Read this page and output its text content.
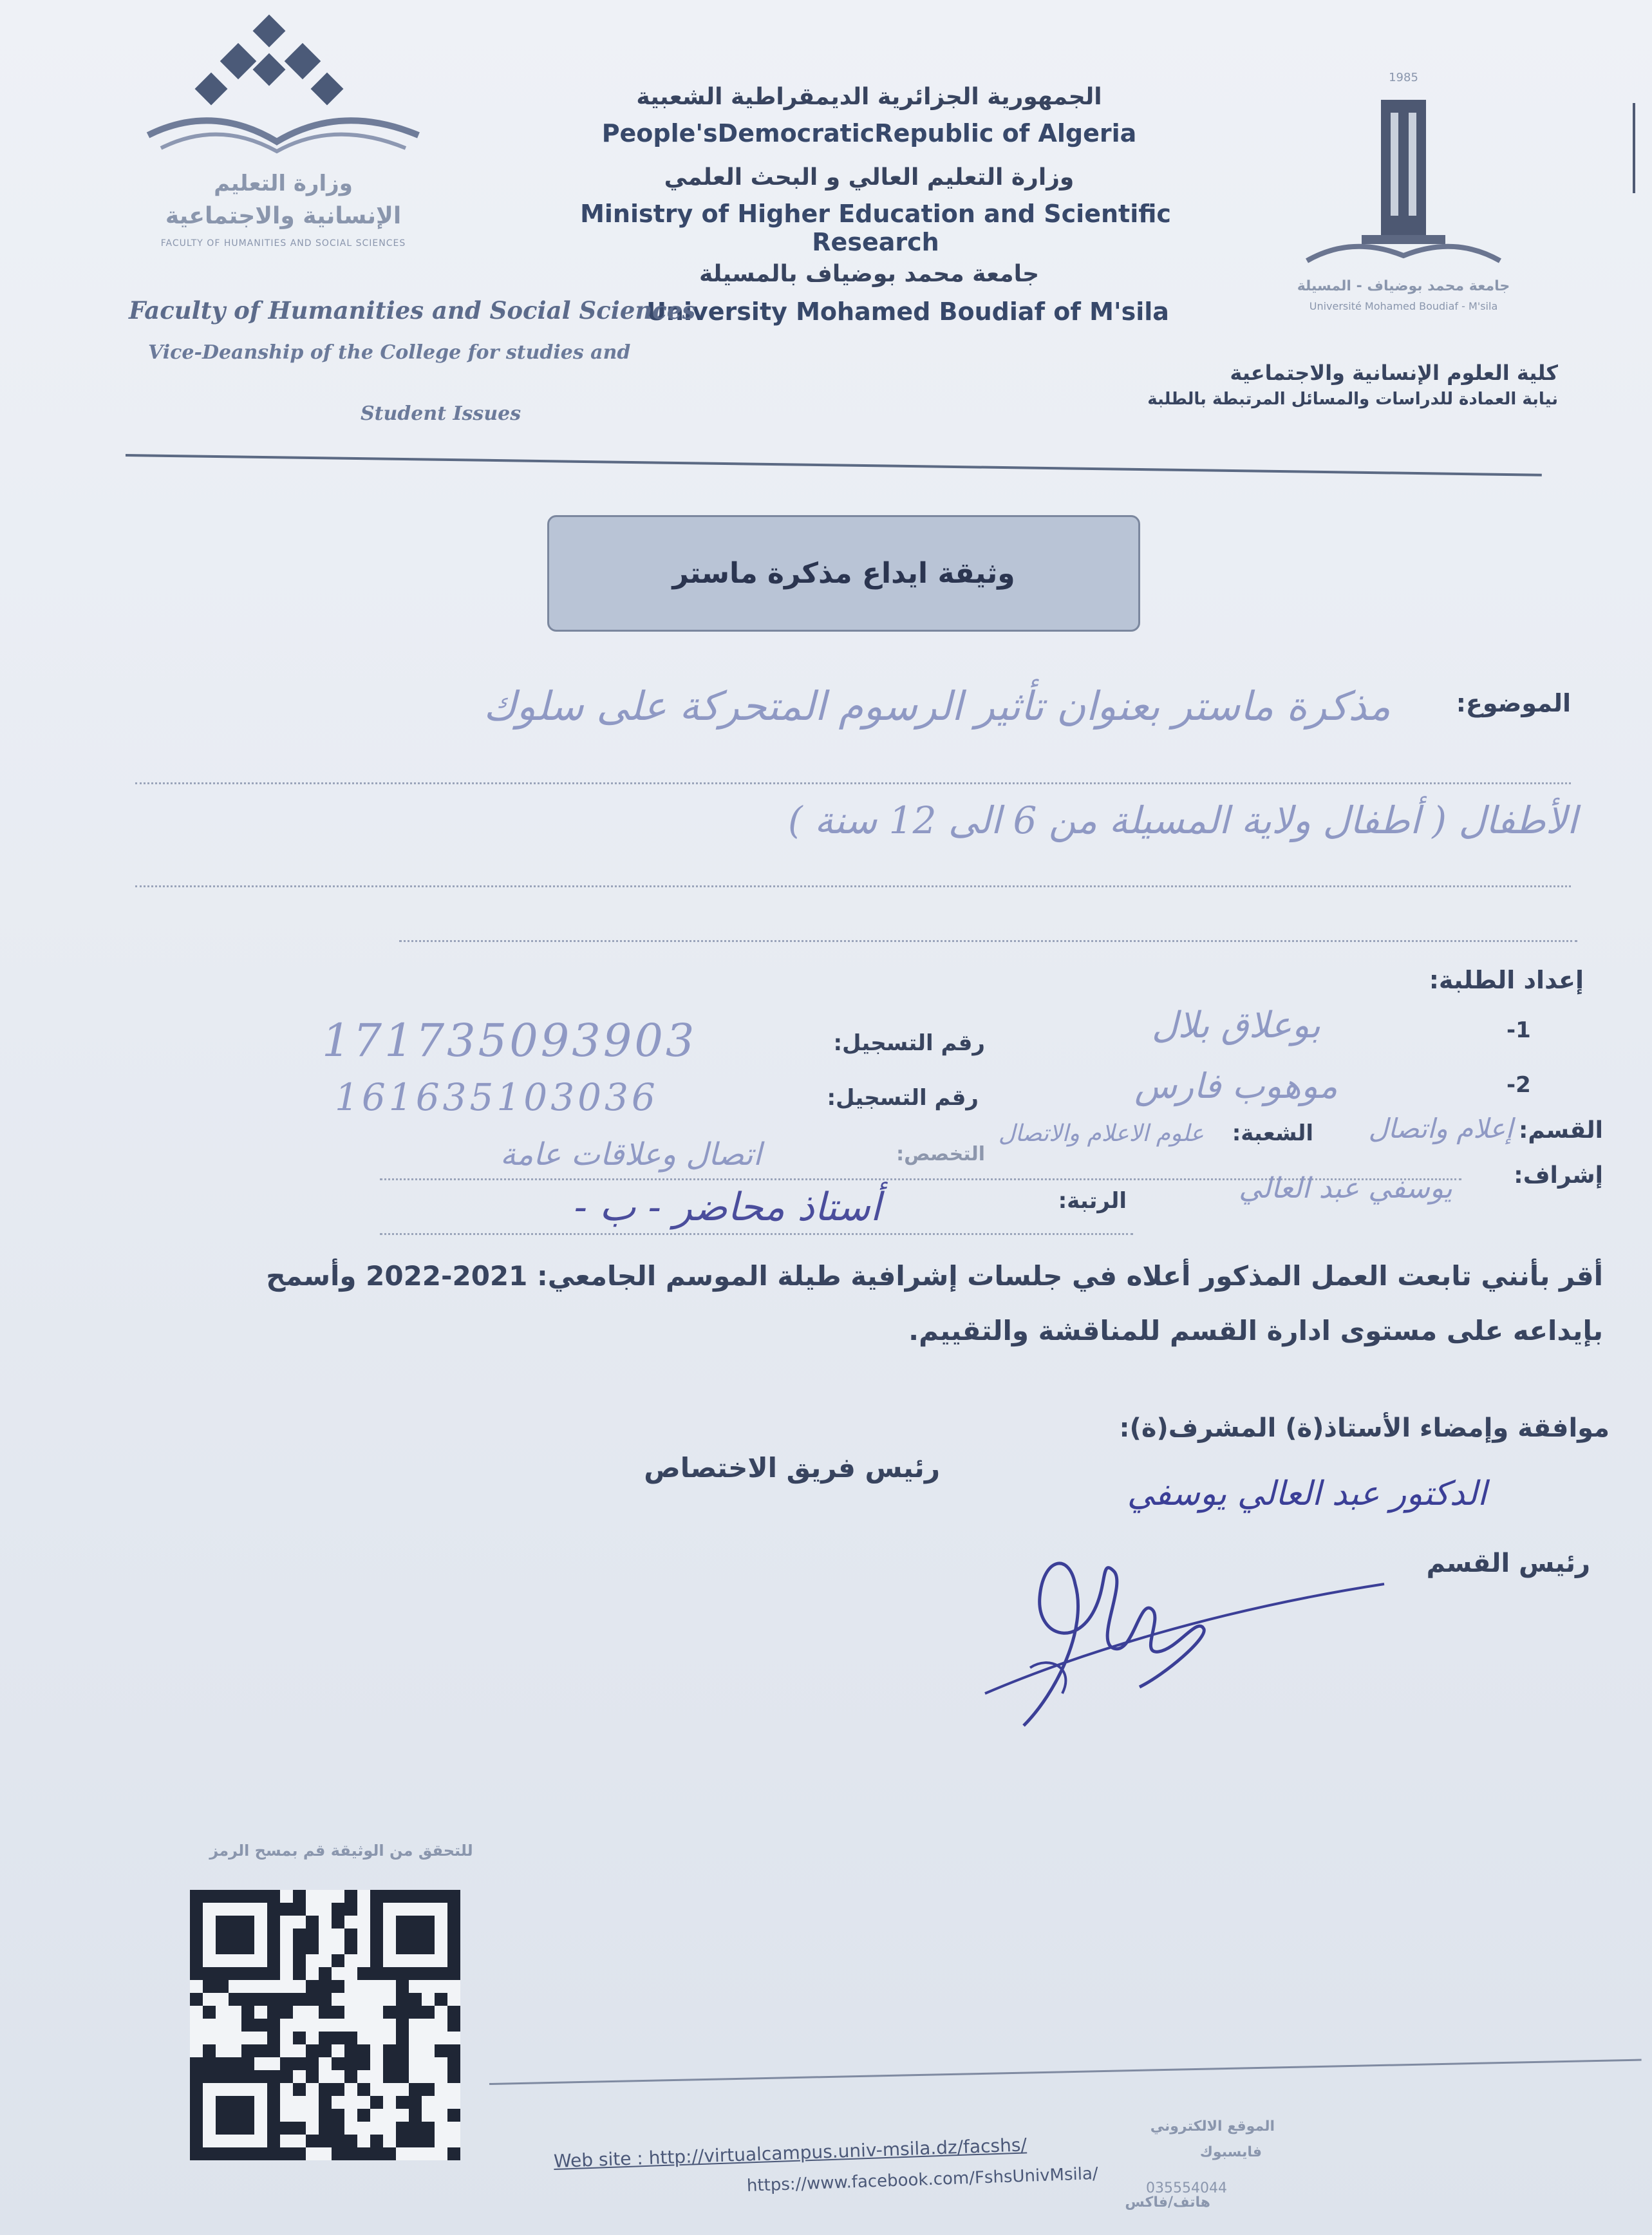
وزارة التعليم
الإنسانية والاجتماعية
FACULTY OF HUMANITIES AND SOCIAL SCIENCES
1985
جامعة محمد بوضياف - المسيلة
Université Mohamed Boudiaf - M'sila
الجمهورية الجزائرية الديمقراطية الشعبية
People'sDemocraticRepublic of Algeria
وزارة التعليم العالي و البحث العلمي
Ministry of Higher Education and Scientific Research
جامعة محمد بوضياف بالمسيلة
University Mohamed Boudiaf of M'sila
Faculty of Humanities and Social Sciences
Vice-Deanship of the College for studies and
Student Issues
كلية العلوم الإنسانية والاجتماعية
نيابة العمادة للدراسات والمسائل المرتبطة بالطلبة
وثيقة ايداع مذكرة ماستر
الموضوع:
مذكرة ماستر بعنوان تأثير الرسوم المتحركة على سلوك
الأطفال ( أطفال ولاية المسيلة من 6 الى 12 سنة )
إعداد الطلبة:
-1
بوعلاق بلال
رقم التسجيل:
171735093903
-2
موهوب فارس
رقم التسجيل:
161635103036
القسم:
إعلام واتصال
الشعبة:
علوم الاعلام والاتصال
التخصص:
اتصال وعلاقات عامة
إشراف:
يوسفي عبد العالي
الرتبة:
أستاذ محاضر - ب -
أقر بأنني تابعت العمل المذكور أعلاه في جلسات إشرافية طيلة الموسم الجامعي: 2021-2022 وأسمح
بإيداعه على مستوى ادارة القسم للمناقشة والتقييم.
موافقة وإمضاء الأستاذ(ة) المشرف(ة):
رئيس فريق الاختصاص
الدكتور عبد العالي يوسفي
رئيس القسم
للتحقق من الوثيقة قم بمسح الرمز
الموقع الالكتروني
Web site : http://virtualcampus.univ-msila.dz/facshs/	فايسبوك
https://www.facebook.com/FshsUnivMsila/
هاتف/فاكس
035554044
